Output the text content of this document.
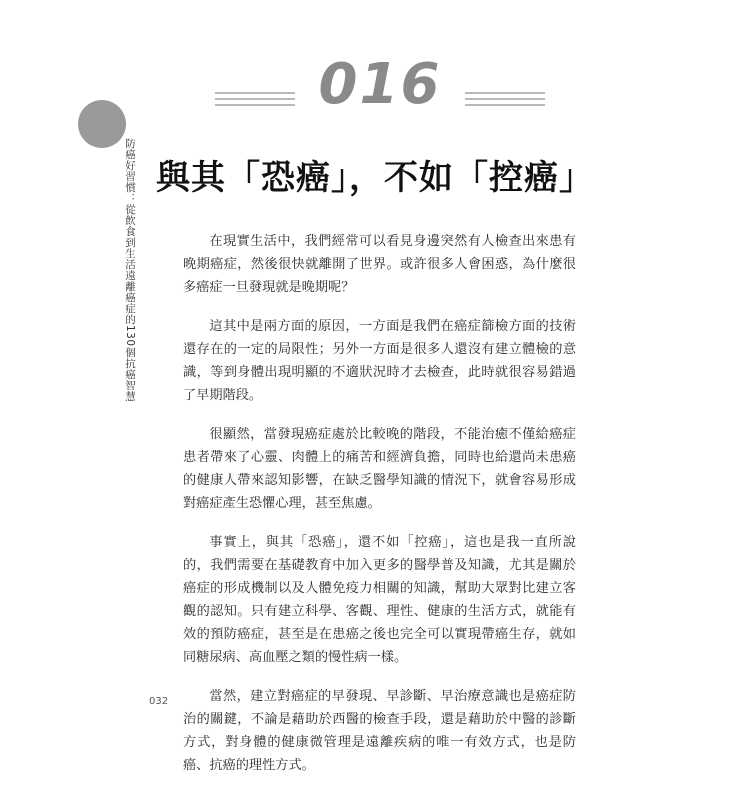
防癌好習慣：從飲食到生活遠離癌症的130個抗癌智慧
016
與其「恐癌」，不如「控癌」

在現實生活中，我們經常可以看見身邊突然有人檢查出來患有晚期癌症，然後很快就離開了世界。或許很多人會困惑，為什麼很多癌症一旦發現就是晚期呢？

這其中是兩方面的原因，一方面是我們在癌症篩檢方面的技術還存在的一定的局限性；另外一方面是很多人還沒有建立體檢的意識，等到身體出現明顯的不適狀況時才去檢查，此時就很容易錯過了早期階段。

很顯然，當發現癌症處於比較晚的階段，不能治癒不僅給癌症患者帶來了心靈、肉體上的痛苦和經濟負擔，同時也給還尚未患癌的健康人帶來認知影響，在缺乏醫學知識的情況下，就會容易形成對癌症產生恐懼心理，甚至焦慮。

事實上，與其「恐癌」，還不如「控癌」，這也是我一直所說的，我們需要在基礎教育中加入更多的醫學普及知識，尤其是關於癌症的形成機制以及人體免疫力相關的知識，幫助大眾對比建立客觀的認知。只有建立科學、客觀、理性、健康的生活方式，就能有效的預防癌症，甚至是在患癌之後也完全可以實現帶癌生存，就如同糖尿病、高血壓之類的慢性病一樣。

當然，建立對癌症的早發現、早診斷、早治療意識也是癌症防治的關鍵，不論是藉助於西醫的檢查手段，還是藉助於中醫的診斷方式，對身體的健康微管理是遠離疾病的唯一有效方式，也是防癌、抗癌的理性方式。

032
